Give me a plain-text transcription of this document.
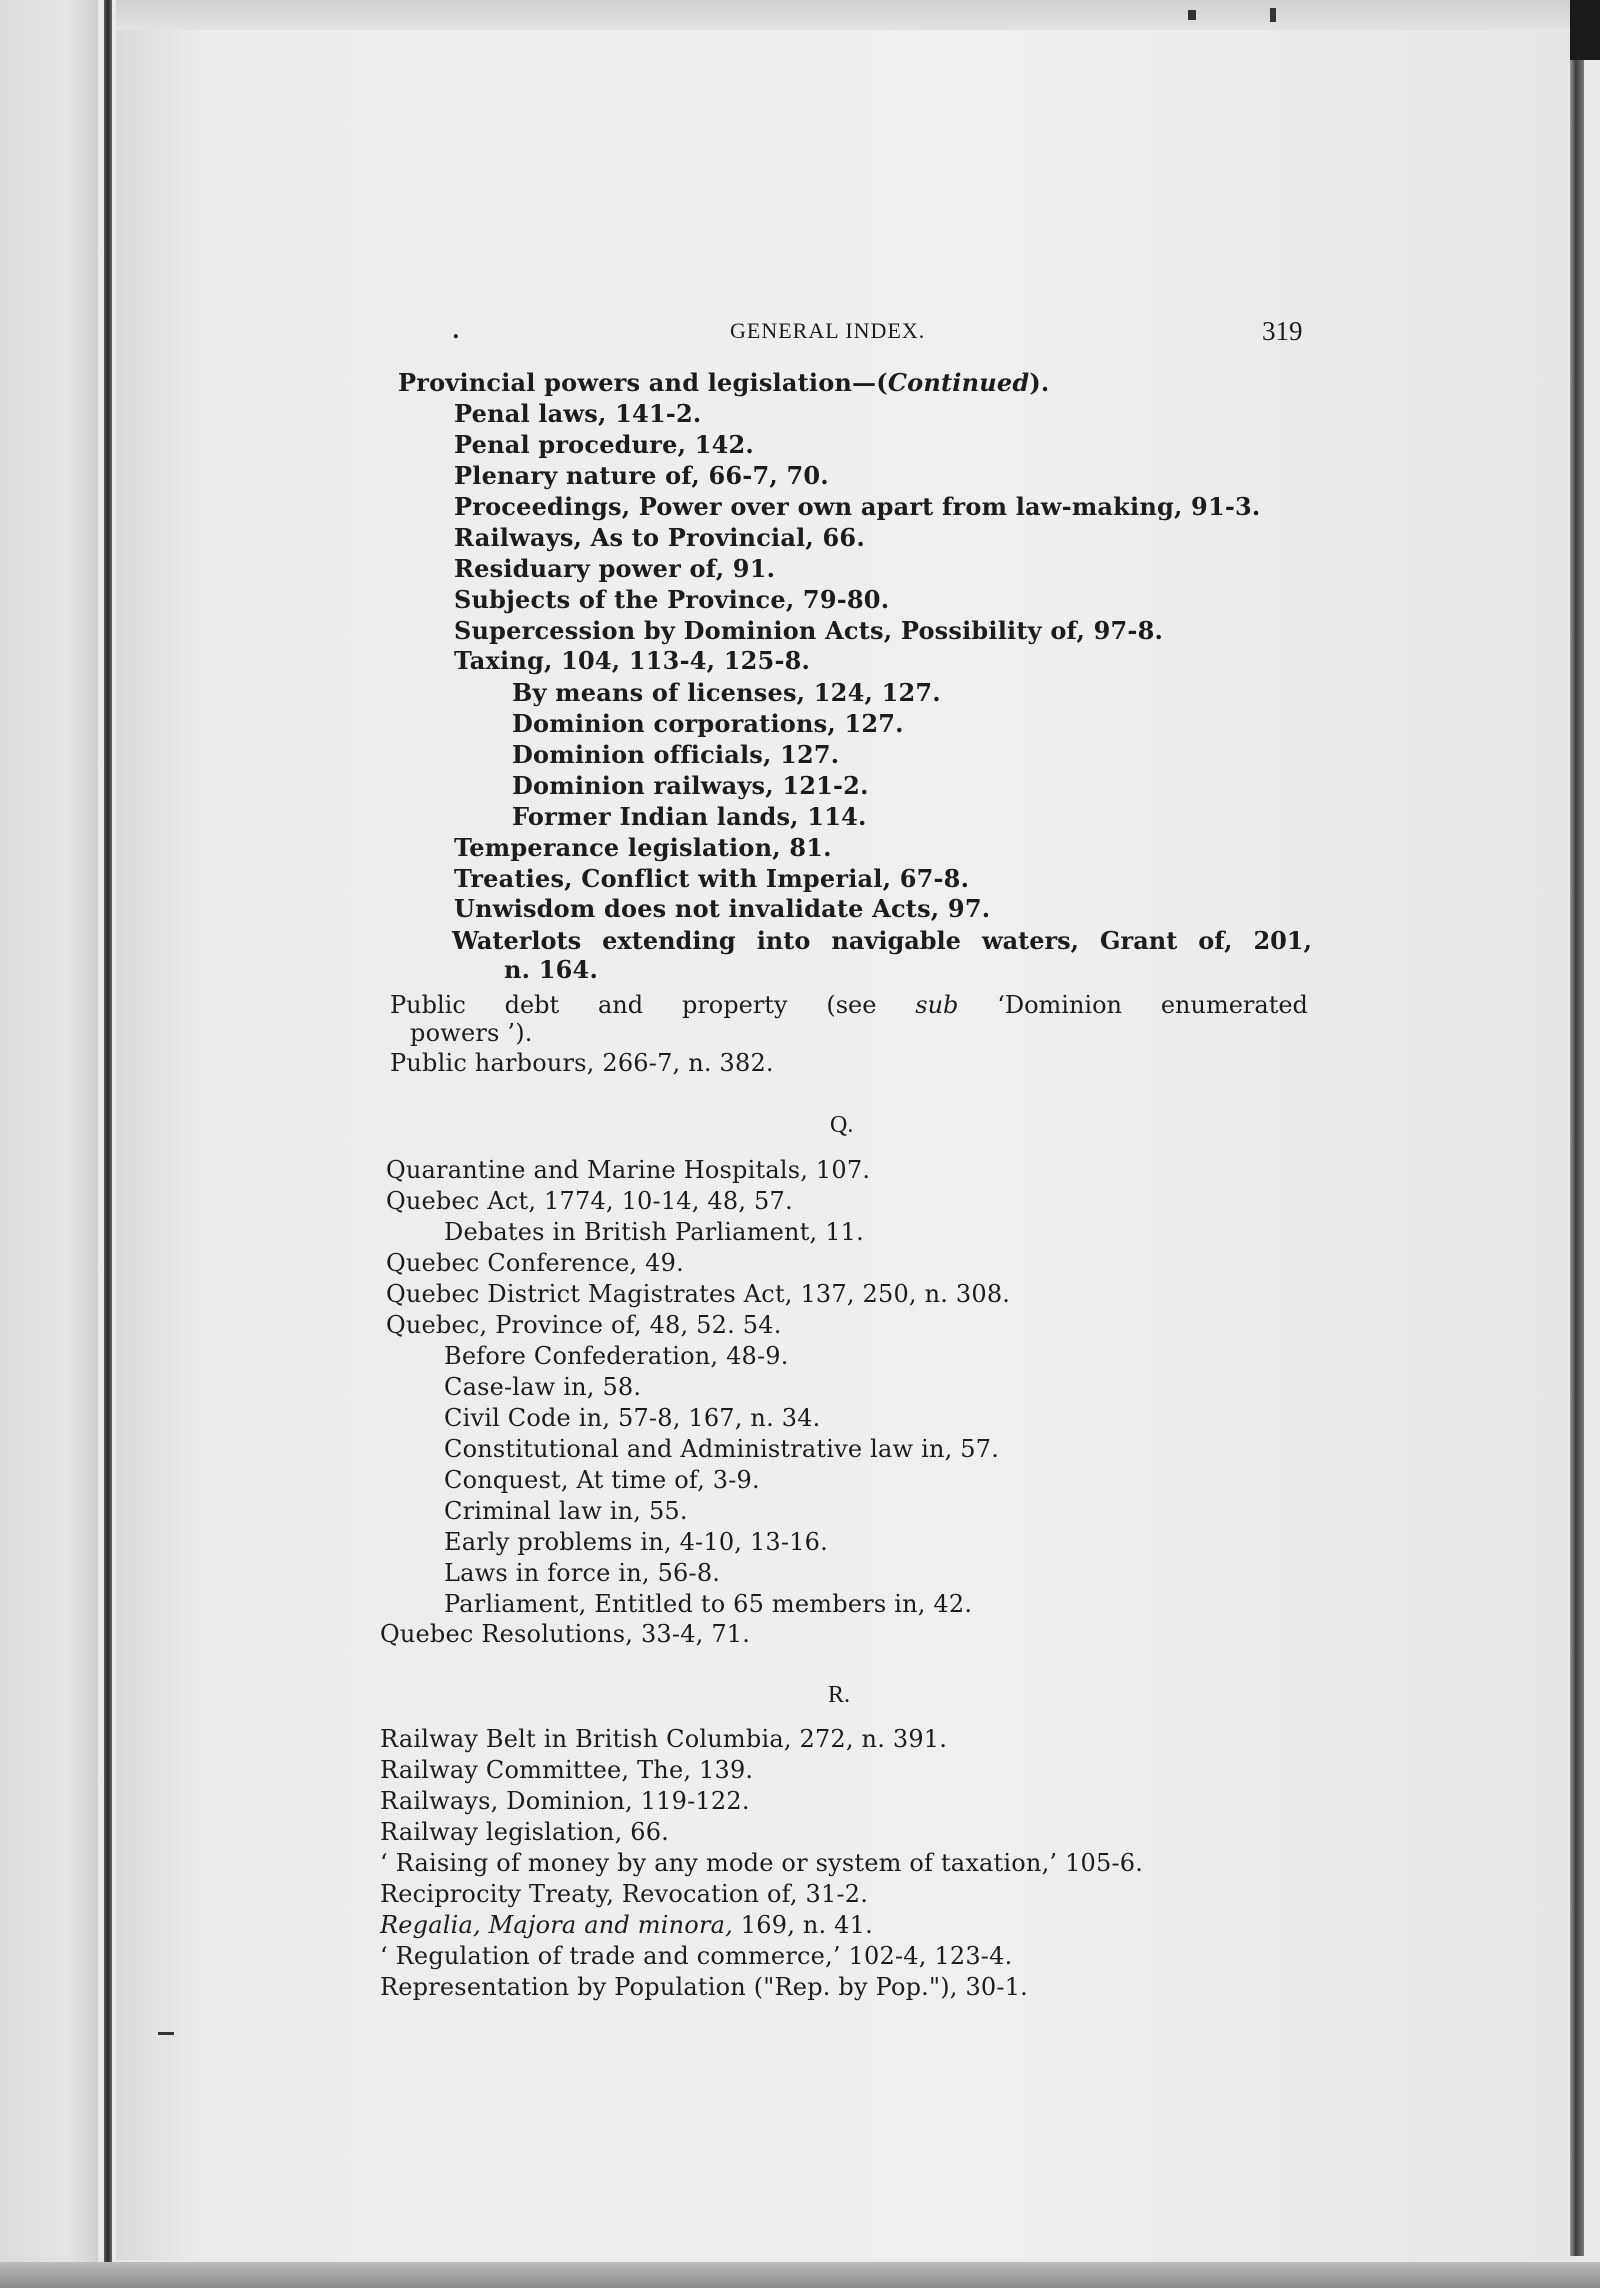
.	GENERAL INDEX.	319
Provincial powers and legislation—(Continued).
Penal laws, 141-2.
Penal procedure, 142.
Plenary nature of, 66-7, 70.
Proceedings, Power over own apart from law-making, 91-3.
Railways, As to Provincial, 66.
Residuary power of, 91.
Subjects of the Province, 79-80.
Supercession by Dominion Acts, Possibility of, 97-8.
Taxing, 104, 113-4, 125-8.
By means of licenses, 124, 127.
Dominion corporations, 127.
Dominion officials, 127.
Dominion railways, 121-2.
Former Indian lands, 114.
Temperance legislation, 81.
Treaties, Conflict with Imperial, 67-8.
Unwisdom does not invalidate Acts, 97.
Waterlots extending into navigable waters, Grant of, 201,
n. 164.
Public debt and property (see sub ‘Dominion enumerated
powers ’).
Public harbours, 266-7, n. 382.
Q.
Quarantine and Marine Hospitals, 107.
Quebec Act, 1774, 10-14, 48, 57.
Debates in British Parliament, 11.
Quebec Conference, 49.
Quebec District Magistrates Act, 137, 250, n. 308.
Quebec, Province of, 48, 52. 54.
Before Confederation, 48-9.
Case-law in, 58.
Civil Code in, 57-8, 167, n. 34.
Constitutional and Administrative law in, 57.
Conquest, At time of, 3-9.
Criminal law in, 55.
Early problems in, 4-10, 13-16.
Laws in force in, 56-8.
Parliament, Entitled to 65 members in, 42.
Quebec Resolutions, 33-4, 71.
R.
Railway Belt in British Columbia, 272, n. 391.
Railway Committee, The, 139.
Railways, Dominion, 119-122.
Railway legislation, 66.
‘ Raising of money by any mode or system of taxation,’ 105-6.
Reciprocity Treaty, Revocation of, 31-2.
Regalia, Majora and minora, 169, n. 41.
‘ Regulation of trade and commerce,’ 102-4, 123-4.
Representation by Population ("Rep. by Pop."), 30-1.
